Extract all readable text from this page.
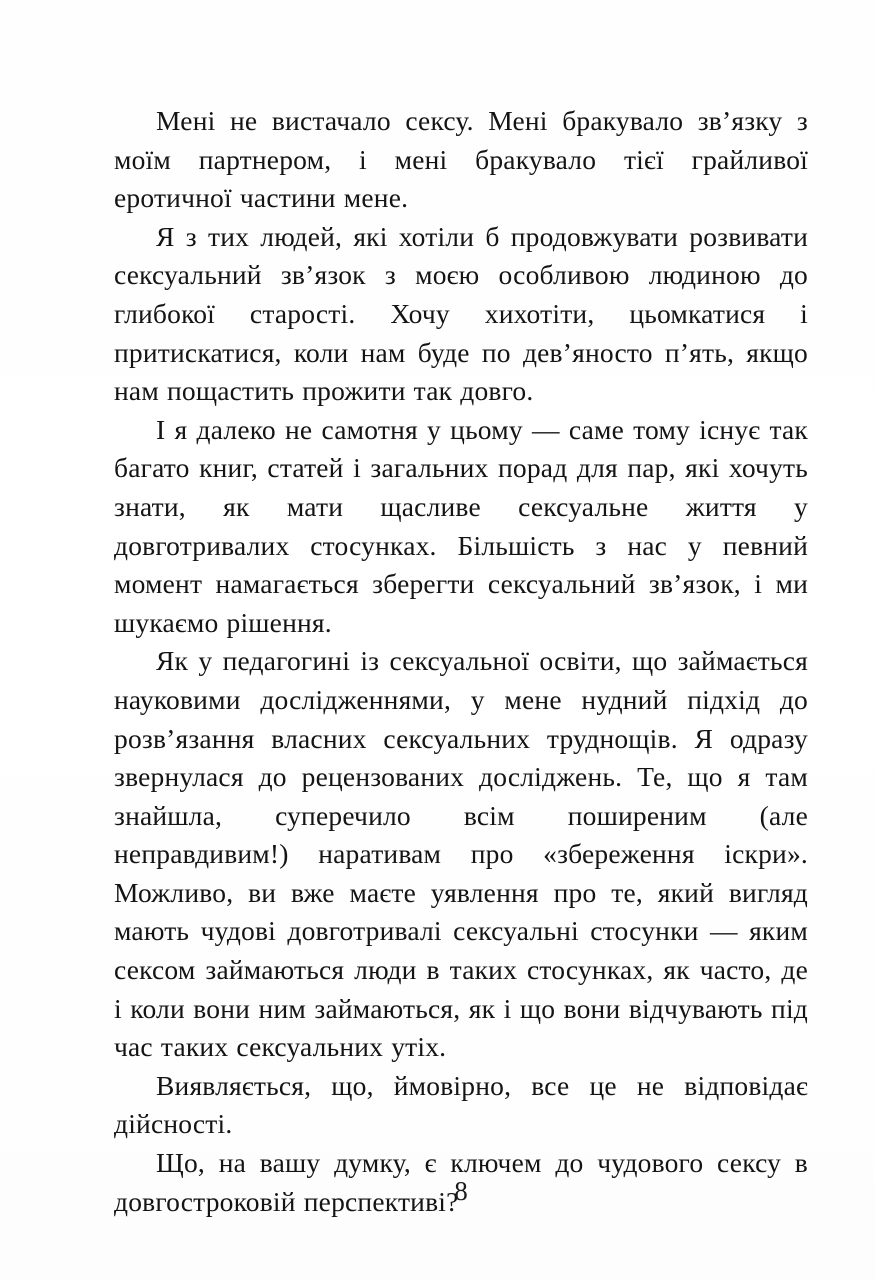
Мені не вистачало сексу. Мені бракувало зв’язку з моїм партнером, і мені бракувало тієї грайливої еротичної частини мене.

Я з тих людей, які хотіли б продовжувати розвивати сексуальний зв’язок з моєю особливою людиною до глибокої старості. Хочу хихотіти, цьомкатися і притискатися, коли нам буде по дев’яносто п’ять, якщо нам пощастить прожити так довго.

І я далеко не самотня у цьому — саме тому існує так багато книг, статей і загальних порад для пар, які хочуть знати, як мати щасливе сексуальне життя у довготривалих стосунках. Більшість з нас у певний момент намагається зберегти сексуальний зв’язок, і ми шукаємо рішення.

Як у педагогині із сексуальної освіти, що займається науковими дослідженнями, у мене нудний підхід до розв’язання власних сексуальних труднощів. Я одразу звернулася до рецензованих досліджень. Те, що я там знайшла, суперечило всім поширеним (але неправдивим!) наративам про «збереження іскри». Можливо, ви вже маєте уявлення про те, який вигляд мають чудові довготривалі сексуальні стосунки — яким сексом займаються люди в таких стосунках, як часто, де і коли вони ним займаються, як і що вони відчувають під час таких сексуальних утіх.

Виявляється, що, ймовірно, все це не відповідає дійсності.

Що, на вашу думку, є ключем до чудового сексу в довгостроковій перспективі?

8
